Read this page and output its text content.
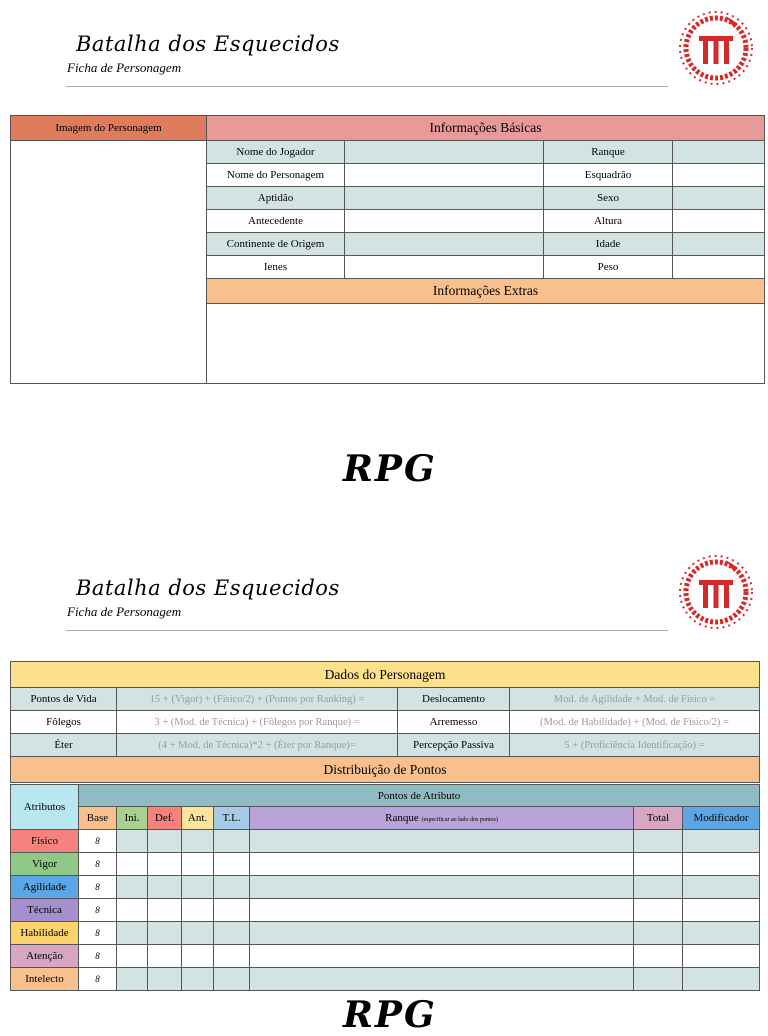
Batalha dos Esquecidos
Ficha de Personagem
Imagem do Personagem	Informações Básicas			
	Nome do Jogador		Ranque	
	Nome do Personagem		Esquadrão	
	Aptidão		Sexo	
	Antecedente		Altura	
	Continente de Origem		Idade	
	Ienes		Peso	
	Informações Extras			

RPG
Batalha dos Esquecidos
Ficha de Personagem
Dados do Personagem			
Pontos de Vida	15 + (Vigor) + (Físico/2) + (Pontos por Ranking) =	Deslocamento	Mod. de Agilidade + Mod. de Físico =
Fôlegos	3 + (Mod. de Técnica) + (Fôlegos por Ranque) =	Arremesso	(Mod. de Habilidade) + (Mod. de Físico/2) =
Éter	(4 + Mod. de Técnica)*2 + (Éter por Ranque)=	Percepção Passiva	5 + (Proficiência Identificação) =
Distribuição de Pontos			
Atributos	Pontos de Atributo							
	Base	Ini.	Def.	Ant.	T.L.	Ranque (especificar ao lado dos pontos)	Total	Modificador
Físico	8							
Vigor	8							
Agilidade	8							
Técnica	8							
Habilidade	8							
Atenção	8							
Intelecto	8							
RPG
